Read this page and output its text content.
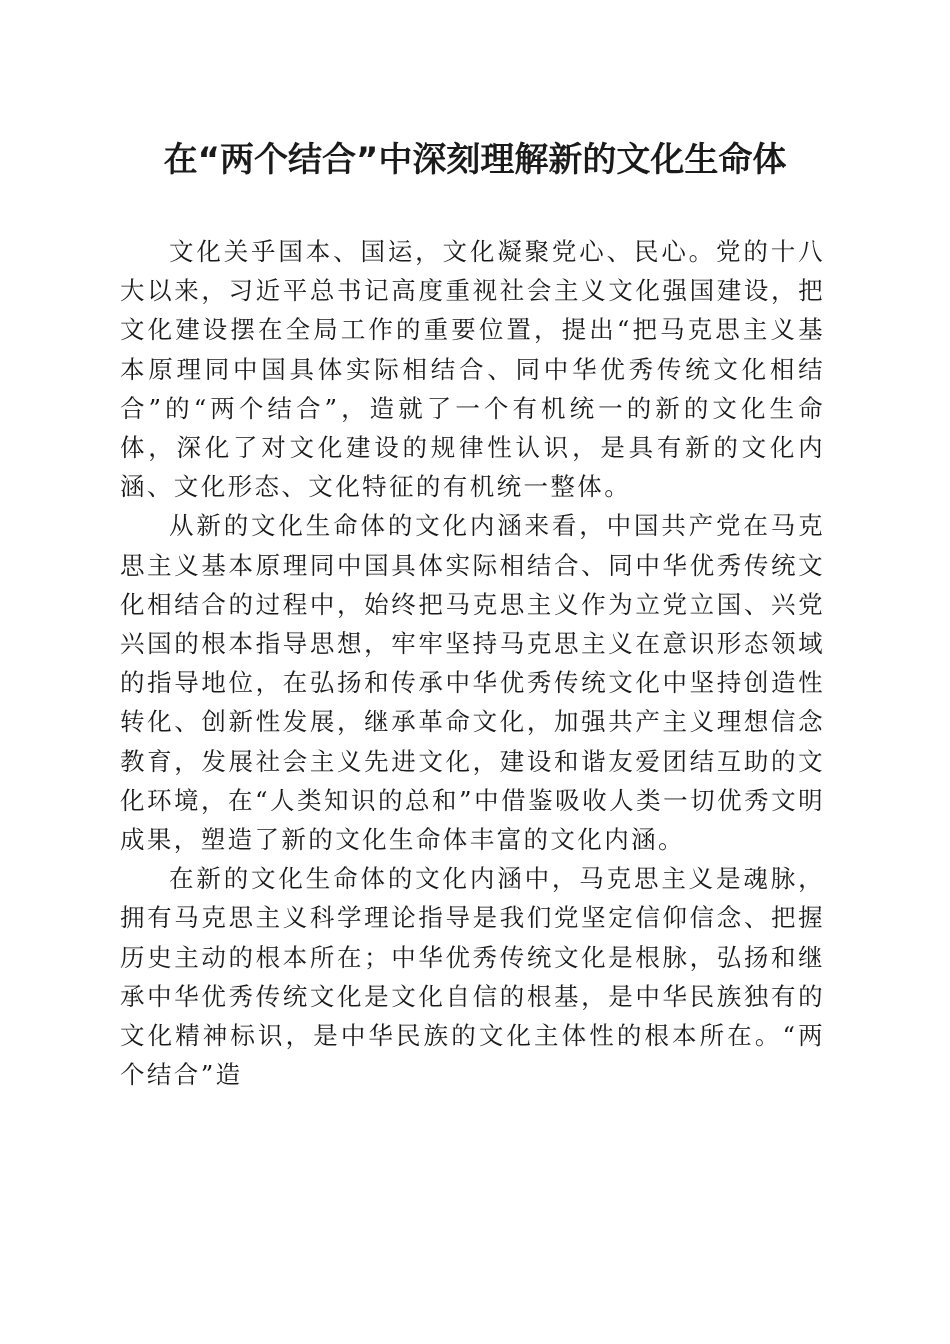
在“两个结合”中深刻理解新的文化生命体

文化关乎国本、国运，文化凝聚党心、民心。党的十八大以来，习近平总书记高度重视社会主义文化强国建设，把文化建设摆在全局工作的重要位置，提出“把马克思主义基本原理同中国具体实际相结合、同中华优秀传统文化相结合”的“两个结合”，造就了一个有机统一的新的文化生命体，深化了对文化建设的规律性认识，是具有新的文化内涵、文化形态、文化特征的有机统一整体。

从新的文化生命体的文化内涵来看，中国共产党在马克思主义基本原理同中国具体实际相结合、同中华优秀传统文化相结合的过程中，始终把马克思主义作为立党立国、兴党兴国的根本指导思想，牢牢坚持马克思主义在意识形态领域的指导地位，在弘扬和传承中华优秀传统文化中坚持创造性转化、创新性发展，继承革命文化，加强共产主义理想信念教育，发展社会主义先进文化，建设和谐友爱团结互助的文化环境，在“人类知识的总和”中借鉴吸收人类一切优秀文明成果，塑造了新的文化生命体丰富的文化内涵。

在新的文化生命体的文化内涵中，马克思主义是魂脉，拥有马克思主义科学理论指导是我们党坚定信仰信念、把握历史主动的根本所在；中华优秀传统文化是根脉，弘扬和继承中华优秀传统文化是文化自信的根基，是中华民族独有的文化精神标识，是中华民族的文化主体性的根本所在。“两个结合”造
